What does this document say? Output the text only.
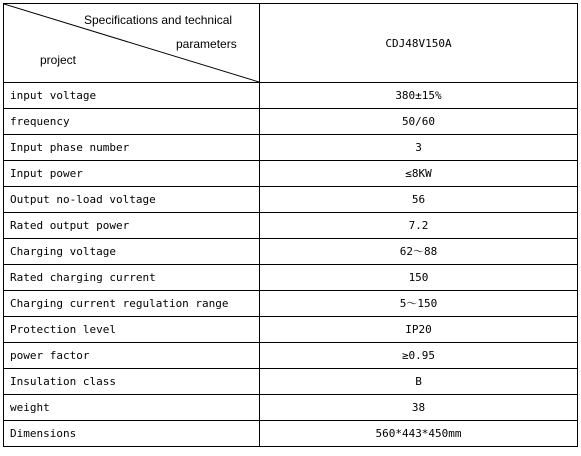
Specifications and technical
parameters
project	CDJ48V150A
input voltage	380±15%
frequency	50/60
Input phase number	3
Input power	≤8KW
Output no-load voltage	56
Rated output power	7.2
Charging voltage	62～88
Rated charging current	150
Charging current regulation range	5～150
Protection level	IP20
power factor	≥0.95
Insulation class	B
weight	38
Dimensions	560*443*450mm
